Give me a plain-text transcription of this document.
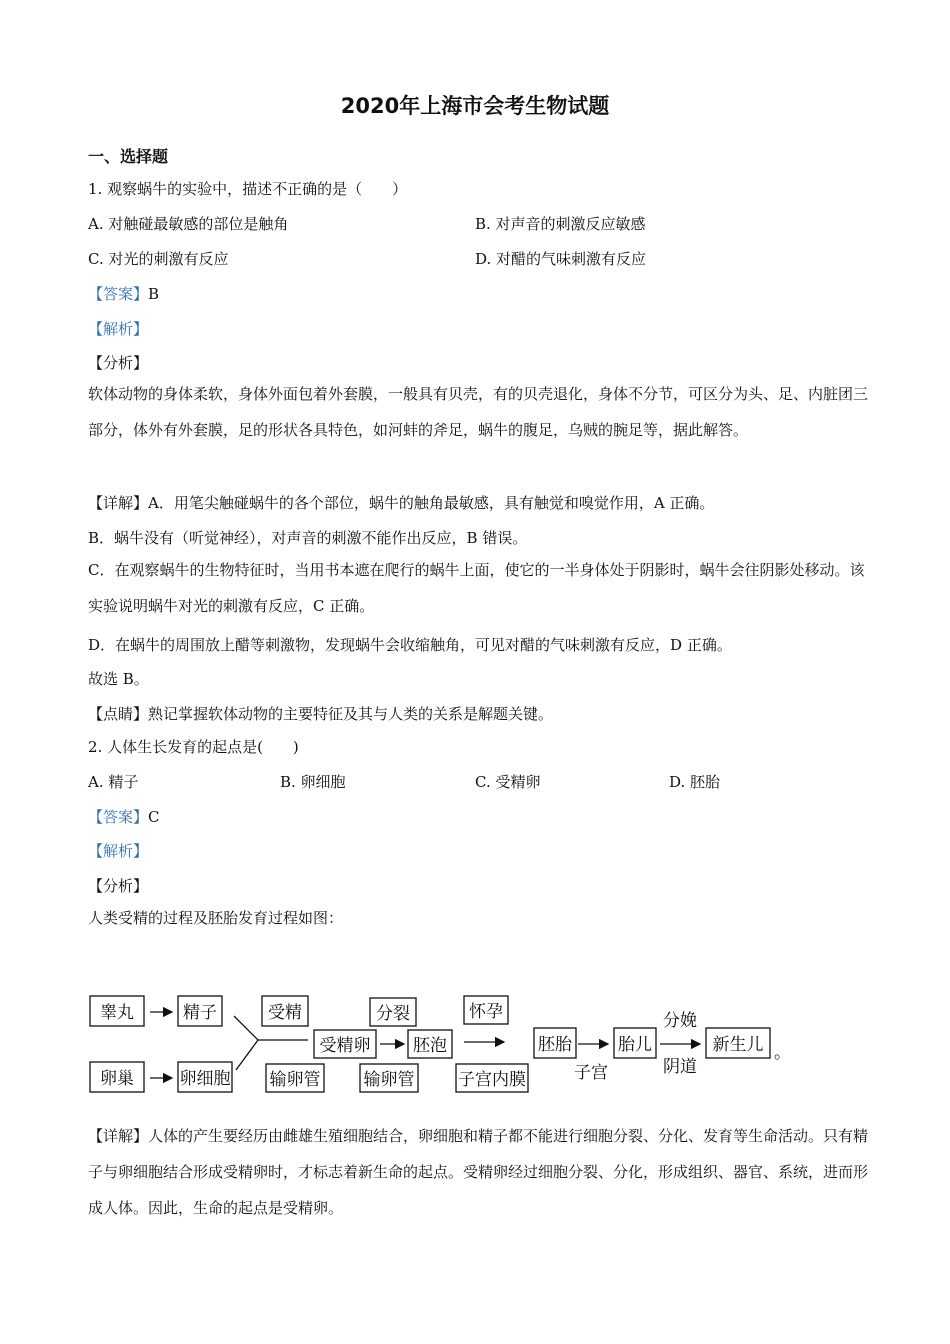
2020年上海市会考生物试题
一、选择题
1. 观察蜗牛的实验中，描述不正确的是（　　）
A. 对触碰最敏感的部位是触角	B. 对声音的刺激反应敏感
C. 对光的刺激有反应	D. 对醋的气味刺激有反应
【答案】B
【解析】
【分析】
软体动物的身体柔软，身体外面包着外套膜，一般具有贝壳，有的贝壳退化，身体不分节，可区分为头、足、内脏团三部分，体外有外套膜，足的形状各具特色，如河蚌的斧足，蜗牛的腹足，乌贼的腕足等，据此解答。
【详解】A．用笔尖触碰蜗牛的各个部位，蜗牛的触角最敏感，具有触觉和嗅觉作用，A 正确。
B．蜗牛没有（听觉神经），对声音的刺激不能作出反应，B 错误。
C．在观察蜗牛的生物特征时，当用书本遮在爬行的蜗牛上面，使它的一半身体处于阴影时，蜗牛会往阴影处移动。该实验说明蜗牛对光的刺激有反应，C 正确。
D．在蜗牛的周围放上醋等刺激物，发现蜗牛会收缩触角，可见对醋的气味刺激有反应，D 正确。
故选 B。
【点睛】熟记掌握软体动物的主要特征及其与人类的关系是解题关键。
2. 人体生长发育的起点是(　　)
A. 精子	B. 卵细胞	C. 受精卵	D. 胚胎
【答案】C
【解析】
【分析】
人类受精的过程及胚胎发育过程如图：
睾丸	精子
卵巢	卵细胞
受精
输卵管
受精卵
分裂
输卵管
胚泡
怀孕
子宫内膜
胚胎
子宫
胎儿
分娩
阴道
新生儿 。
【详解】人体的产生要经历由雌雄生殖细胞结合，卵细胞和精子都不能进行细胞分裂、分化、发育等生命活动。只有精子与卵细胞结合形成受精卵时，才标志着新生命的起点。受精卵经过细胞分裂、分化，形成组织、器官、系统，进而形成人体。因此，生命的起点是受精卵。
